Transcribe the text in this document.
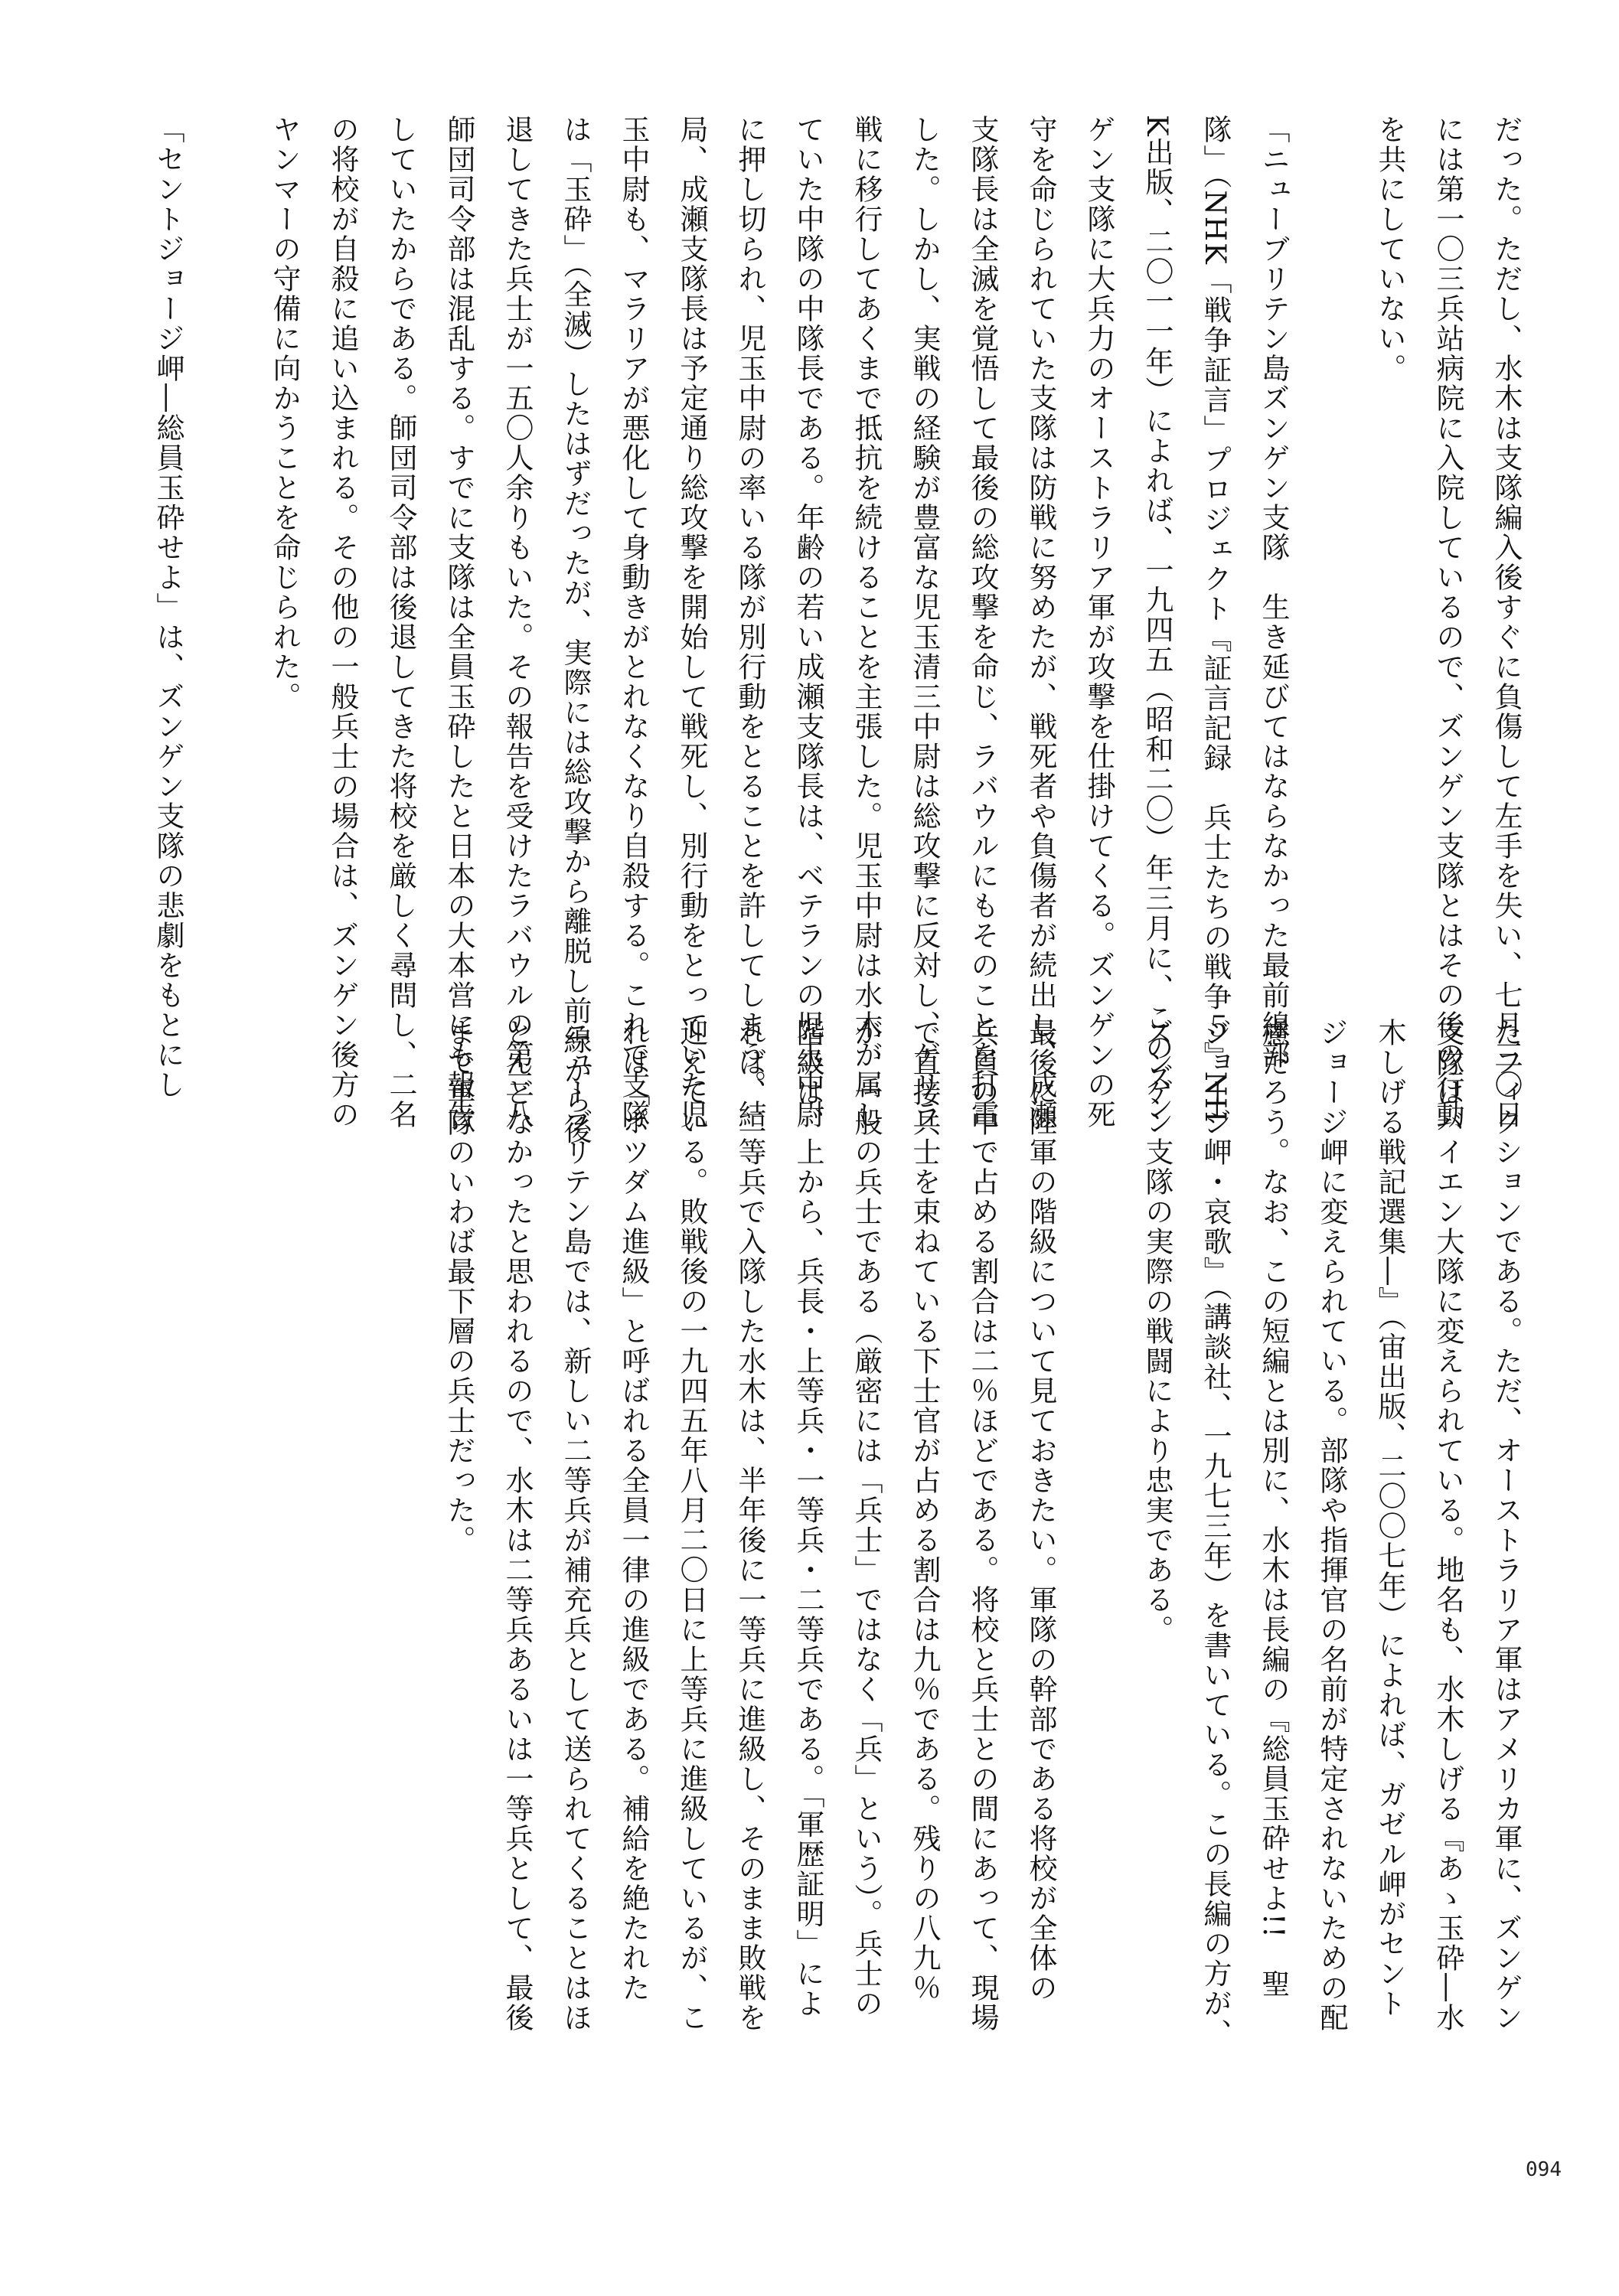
だった。ただし、水木は支隊編入後すぐに負傷して左手を失い、七月三〇日

には第一〇三兵站病院に入院しているので、ズンゲン支隊とはその後の行動

を共にしていない。

「ニューブリテン島ズンゲン支隊　生き延びてはならなかった最前線部

隊」（NHK「戦争証言」プロジェクト『証言記録　兵士たちの戦争５』NH

K出版、二〇一一年）によれば、一九四五（昭和二〇）年三月に、このズン

ゲン支隊に大兵力のオーストラリア軍が攻撃を仕掛けてくる。ズンゲンの死

守を命じられていた支隊は防戦に努めたが、戦死者や負傷者が続出し、成瀬

支隊長は全滅を覚悟して最後の総攻撃を命じ、ラバウルにもそのことを打電

した。しかし、実戦の経験が豊富な児玉清三中尉は総攻撃に反対し、ゲリラ

戦に移行してあくまで抵抗を続けることを主張した。児玉中尉は水木が属し

ていた中隊の中隊長である。年齢の若い成瀬支隊長は、ベテランの児玉中尉

に押し切られ、児玉中尉の率いる隊が別行動をとることを許してしまう。結

局、成瀬支隊長は予定通り総攻撃を開始して戦死し、別行動をとっていた児

玉中尉も、マラリアが悪化して身動きがとれなくなり自殺する。これで支隊

は「玉砕」（全滅）したはずだったが、実際には総攻撃から離脱し前線から後

退してきた兵士が一五〇人余りもいた。その報告を受けたラバウルの第三八

師団司令部は混乱する。すでに支隊は全員玉砕したと日本の大本営にも報告

していたからである。師団司令部は後退してきた将校を厳しく尋問し、二名

の将校が自殺に追い込まれる。その他の一般兵士の場合は、ズンゲン後方の

ヤンマーの守備に向かうことを命じられた。

「セントジョージ岬―総員玉砕せよ」は、ズンゲン支隊の悲劇をもとにし

たフィクションである。ただ、オーストラリア軍はアメリカ軍に、ズンゲン

支隊はバイエン大隊に変えられている。地名も、水木しげる『あゝ玉砕―水

木しげる戦記選集―』（宙出版、二〇〇七年）によれば、ガゼル岬がセント

ジョージ岬に変えられている。部隊や指揮官の名前が特定されないための配

慮だろう。なお、この短編とは別に、水木は長編の『総員玉砕せよ!!　聖

ジョージ岬・哀歌』（講談社、一九七三年）を書いている。この長編の方が、

ズンゲン支隊の実際の戦闘により忠実である。

最後に陸軍の階級について見ておきたい。軍隊の幹部である将校が全体の

兵員の中で占める割合は二％ほどである。将校と兵士との間にあって、現場

で直接兵士を束ねている下士官が占める割合は九％である。残りの八九％

が、一般の兵士である（厳密には「兵士」ではなく「兵」という）。兵士の

階級は、上から、兵長・上等兵・一等兵・二等兵である。「軍歴証明」によ

れば、二等兵で入隊した水木は、半年後に一等兵に進級し、そのまま敗戦を

迎えている。敗戦後の一九四五年八月二〇日に上等兵に進級しているが、こ

れは「ポツダム進級」と呼ばれる全員一律の進級である。補給を絶たれた

ニューブリテン島では、新しい二等兵が補充兵として送られてくることはほ

とんどなかったと思われるので、水木は二等兵あるいは一等兵として、最後

まで軍隊のいわば最下層の兵士だった。

094
